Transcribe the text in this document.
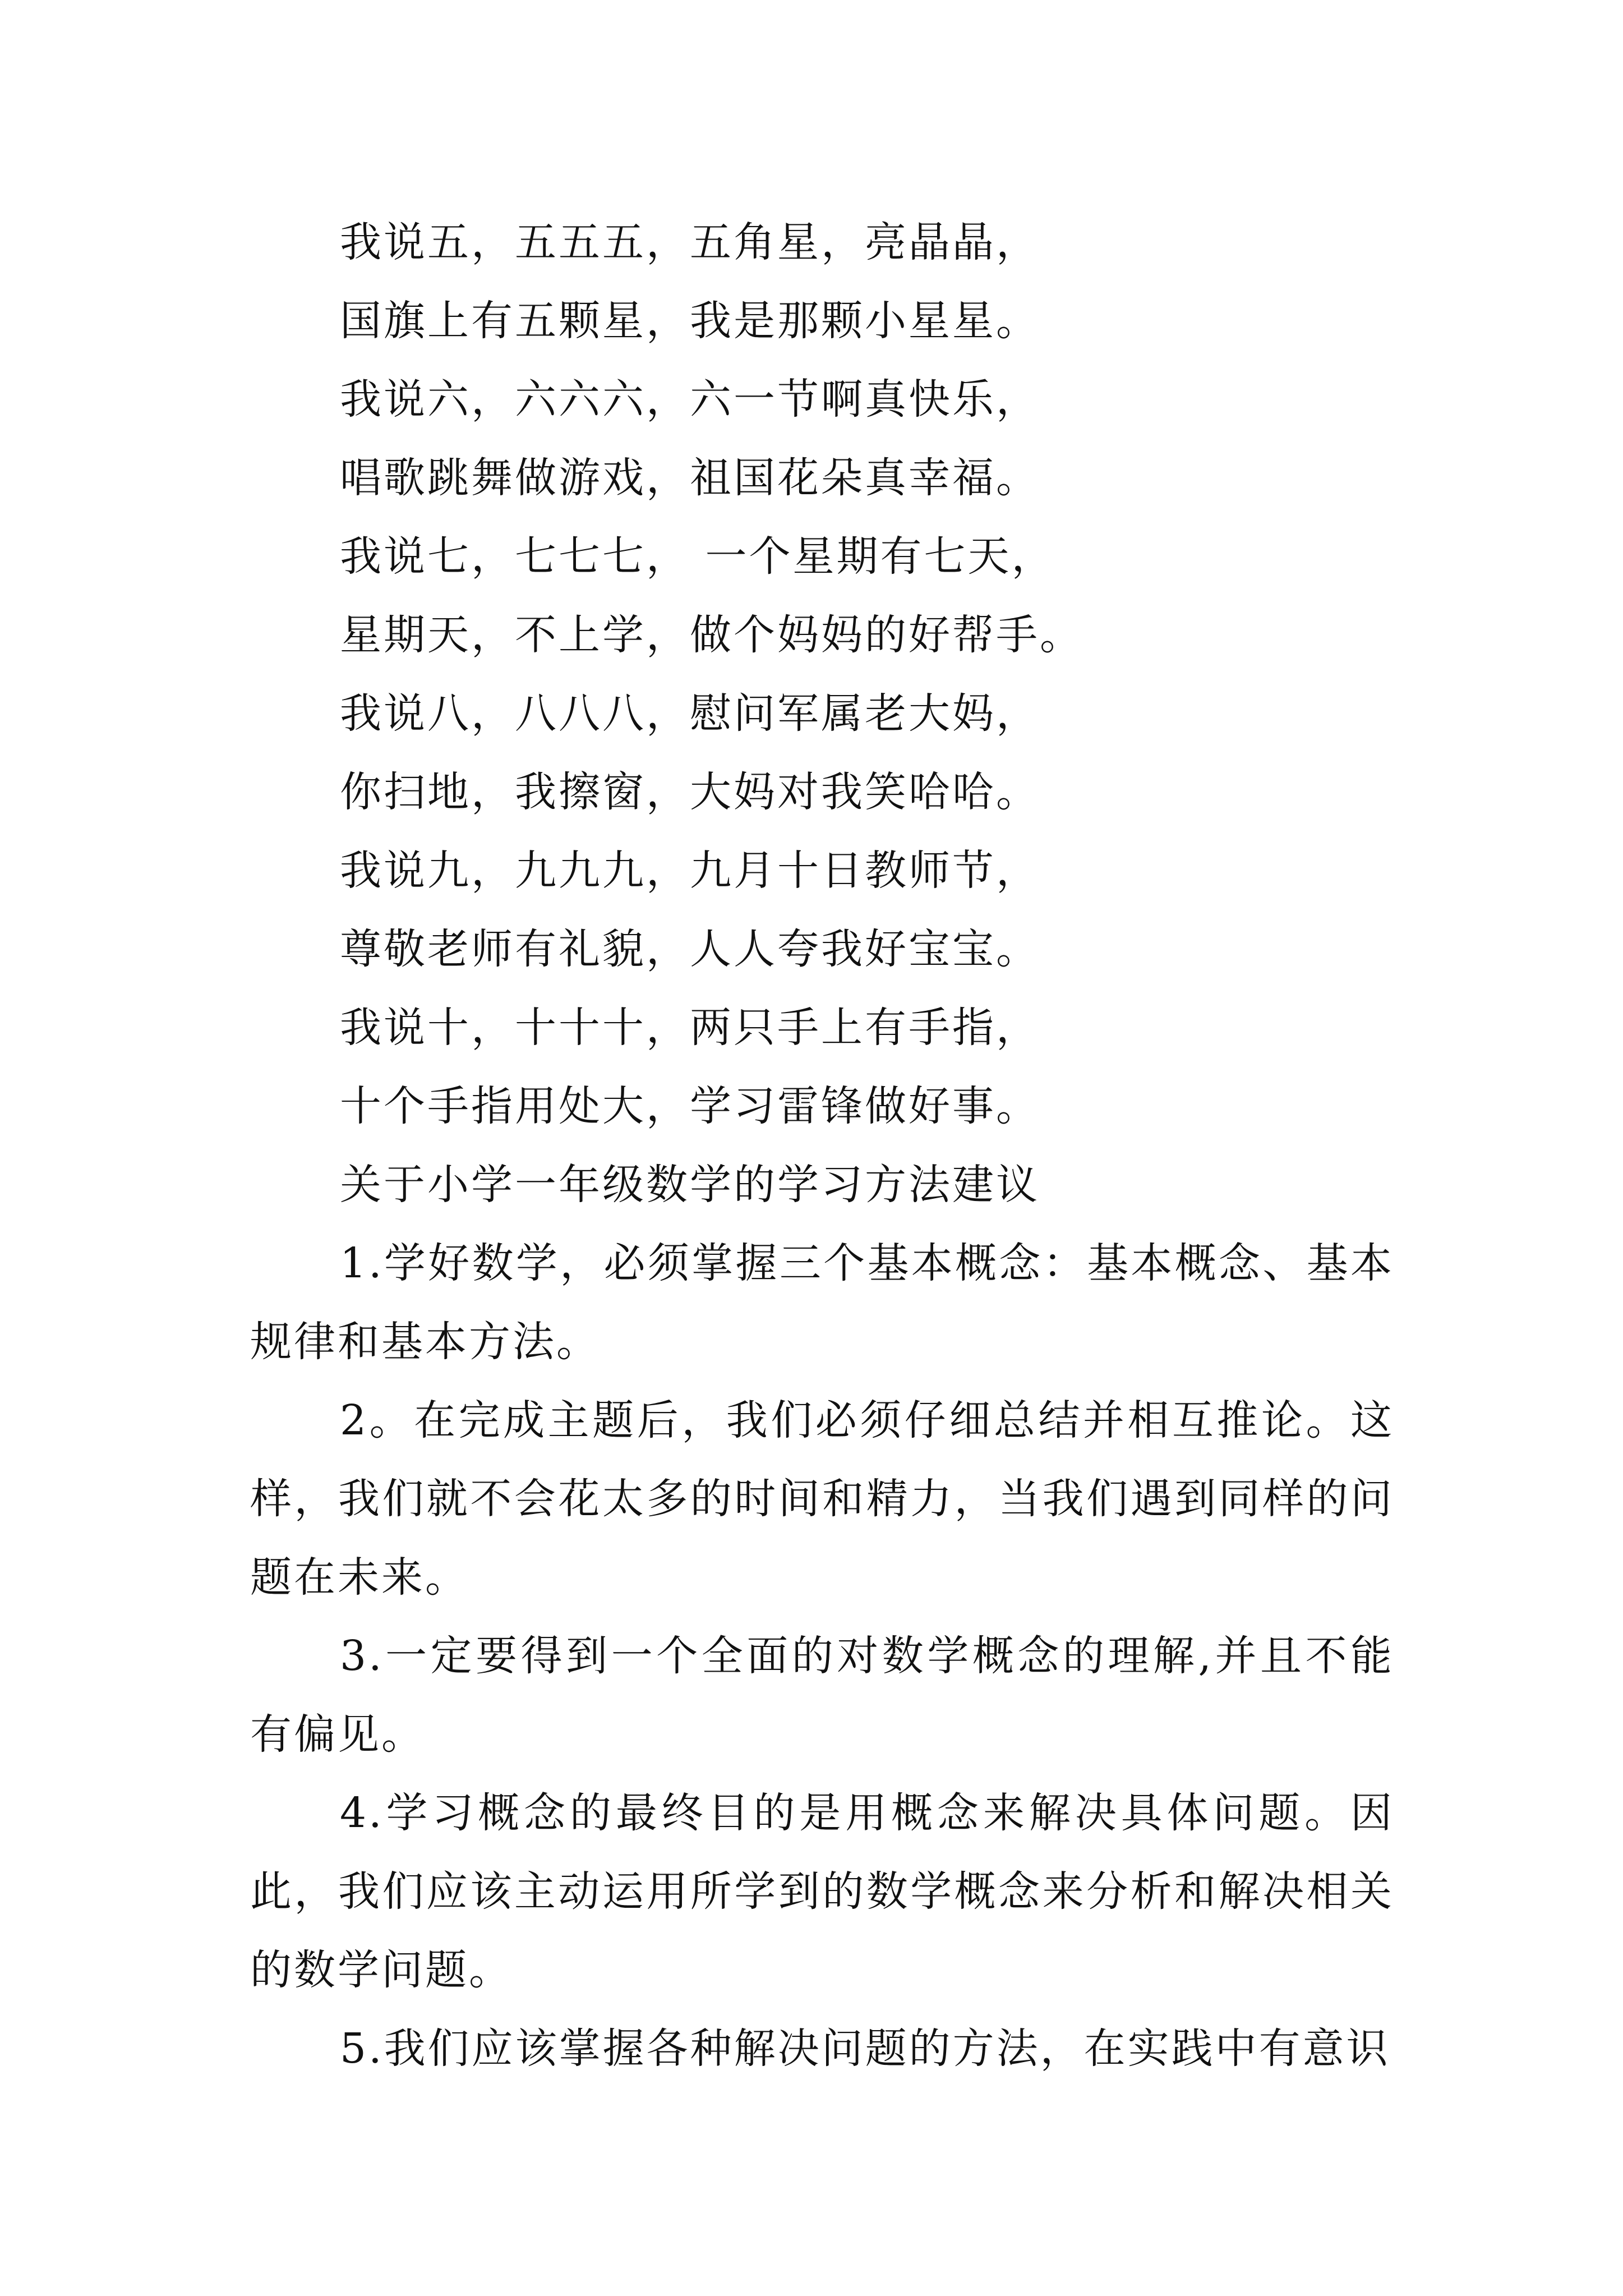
我说五，五五五，五角星，亮晶晶，
国旗上有五颗星，我是那颗小星星。
我说六，六六六，六一节啊真快乐，
唱歌跳舞做游戏，祖国花朵真幸福。
我说七，七七七， 一个星期有七天，
星期天，不上学，做个妈妈的好帮手。
我说八，八八八，慰问军属老大妈，
你扫地，我擦窗，大妈对我笑哈哈。
我说九，九九九，九月十日教师节，
尊敬老师有礼貌，人人夸我好宝宝。
我说十，十十十，两只手上有手指，
十个手指用处大，学习雷锋做好事。
关于小学一年级数学的学习方法建议

1.学好数学，必须掌握三个基本概念：基本概念、基本规律和基本方法。

2。在完成主题后，我们必须仔细总结并相互推论。这样，我们就不会花太多的时间和精力，当我们遇到同样的问题在未来。

3.一定要得到一个全面的对数学概念的理解,并且不能有偏见。

4.学习概念的最终目的是用概念来解决具体问题。因此，我们应该主动运用所学到的数学概念来分析和解决相关的数学问题。

5.我们应该掌握各种解决问题的方法，在实践中有意识
